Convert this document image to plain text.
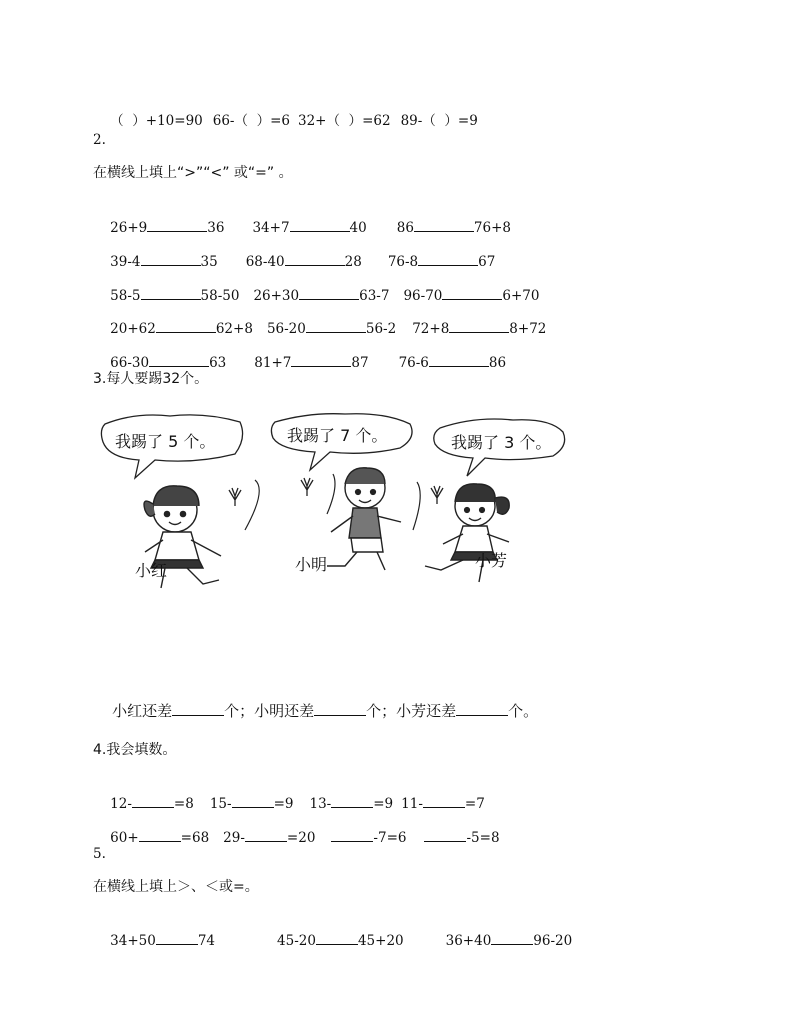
（  ）+10=90 66-（  ）=6 32+（  ）=62 89-（  ）=9

2.
在横线上填上“>”“<” 或“=” 。

26+9	36 34+7	40 86	76+8

39-4	35 68-40	28 76-8	67

58-5	58-50 26+30	63-7 96-70	6+70

20+62	62+8 56-20	56-2 72+8	8+72

66-30	63 81+7	87 76-6	86

3.每人要踢32个。
我踢了 5 个。	我踢了 7 个。	我踢了 3 个。
小红	小明	小芳

小红还差	个；小明还差	个；小芳还差	个。

4.我会填数。

12-	=8 15-	=9 13-	=9 11-	=7

60+	=68 29-	=20	-7=6	-5=8

5.
在横线上填上＞、＜或=。

34+50	74	45-20	45+20	36+40	96-20
